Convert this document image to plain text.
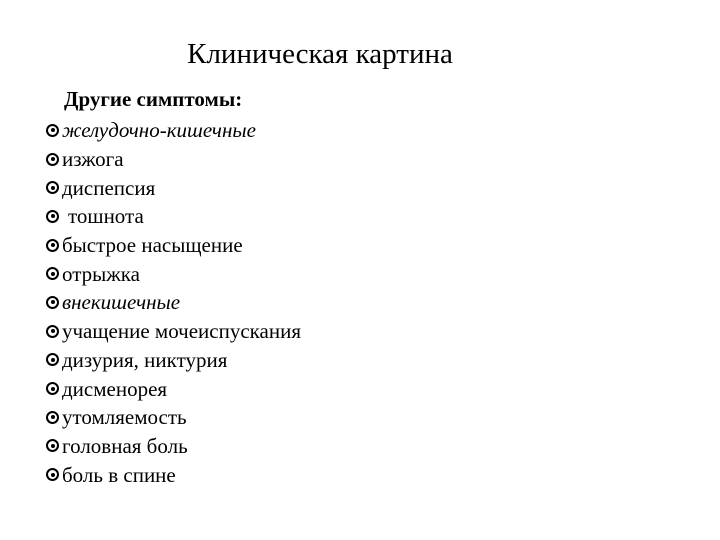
Клиническая картина
Другие симптомы:
желудочно-кишечные
изжога
диспепсия
тошнота
быстрое насыщение
отрыжка
внекишечные
учащение мочеиспускания
дизурия, никтурия
дисменорея
утомляемость
головная боль
боль в спине
